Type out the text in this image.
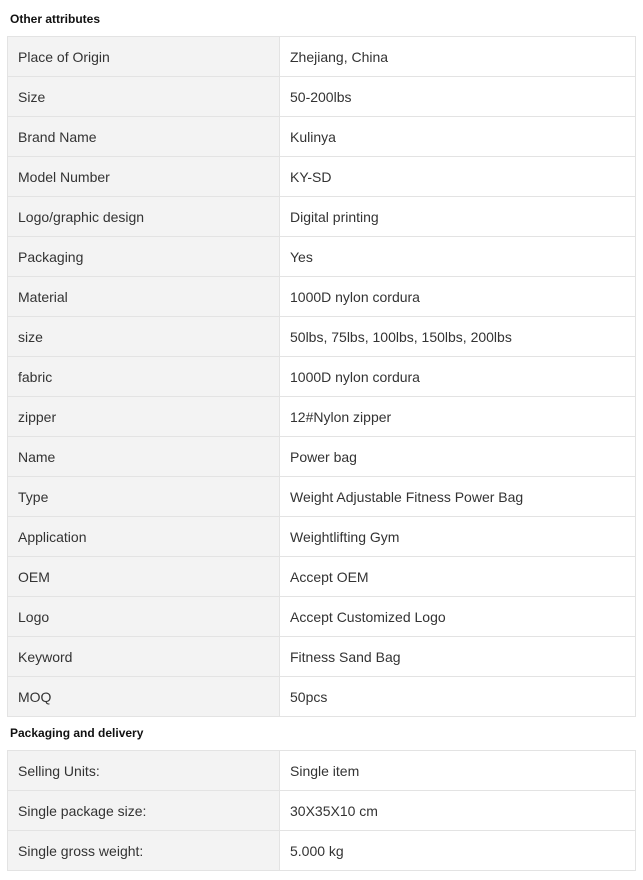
Other attributes
Place of Origin	Zhejiang, China
Size	50-200lbs
Brand Name	Kulinya
Model Number	KY-SD
Logo/graphic design	Digital printing
Packaging	Yes
Material	1000D nylon cordura
size	50lbs, 75lbs, 100lbs, 150lbs, 200lbs
fabric	1000D nylon cordura
zipper	12#Nylon zipper
Name	Power bag
Type	Weight Adjustable Fitness Power Bag
Application	Weightlifting Gym
OEM	Accept OEM
Logo	Accept Customized Logo
Keyword	Fitness Sand Bag
MOQ	50pcs
Packaging and delivery
Selling Units:	Single item
Single package size:	30X35X10 cm
Single gross weight:	5.000 kg
